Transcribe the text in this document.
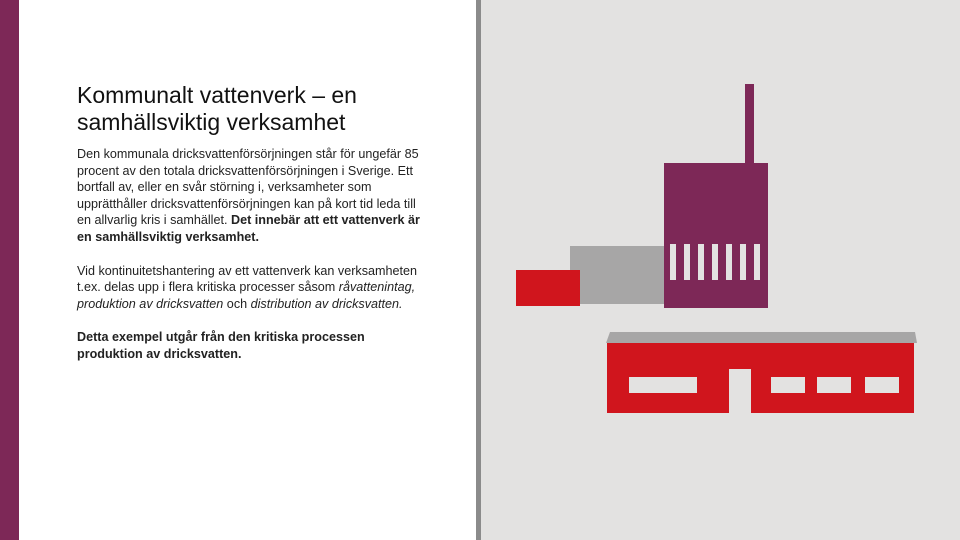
Kommunalt vattenverk – en
samhällsviktig verksamhet

Den kommunala dricksvattenförsörjningen står för ungefär 85 procent av den totala dricksvattenförsörjningen i Sverige. Ett bortfall av, eller en svår störning i, verksamheter som upprätthåller dricksvattenförsörjningen kan på kort tid leda till en allvarlig kris i samhället. Det innebär att ett vattenverk är en samhällsviktig verksamhet.

Vid kontinuitetshantering av ett vattenverk kan verksamheten t.ex. delas upp i flera kritiska processer såsom råvattenintag, produktion av dricksvatten och distribution av dricksvatten.

Detta exempel utgår från den kritiska processen produktion av dricksvatten.
